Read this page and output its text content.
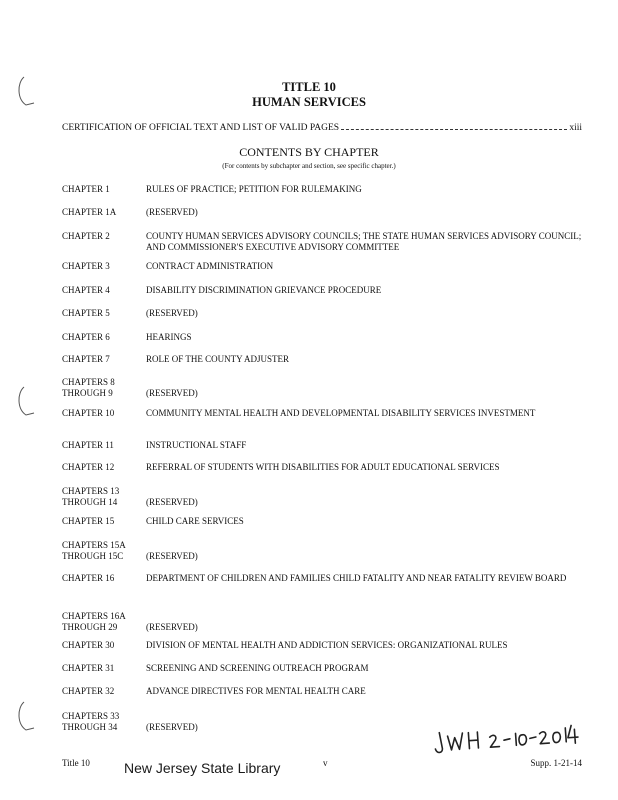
TITLE 10
HUMAN SERVICES
CERTIFICATION OF OFFICIAL TEXT AND LIST OF VALID PAGES	xiii
CONTENTS BY CHAPTER
(For contents by subchapter and section, see specific chapter.)
CHAPTER 1	RULES OF PRACTICE; PETITION FOR RULEMAKING
CHAPTER 1A	(RESERVED)
CHAPTER 2	COUNTY HUMAN SERVICES ADVISORY COUNCILS; THE STATE HUMAN SERVICES ADVISORY COUNCIL; AND COMMISSIONER'S EXECUTIVE ADVISORY COMMITTEE
CHAPTER 3	CONTRACT ADMINISTRATION
CHAPTER 4	DISABILITY DISCRIMINATION GRIEVANCE PROCEDURE
CHAPTER 5	(RESERVED)
CHAPTER 6	HEARINGS
CHAPTER 7	ROLE OF THE COUNTY ADJUSTER
CHAPTERS 8
THROUGH 9	(RESERVED)
CHAPTER 10	COMMUNITY MENTAL HEALTH AND DEVELOPMENTAL DISABILITY SERVICES INVESTMENT
CHAPTER 11	INSTRUCTIONAL STAFF
CHAPTER 12	REFERRAL OF STUDENTS WITH DISABILITIES FOR ADULT EDUCATIONAL SERVICES
CHAPTERS 13
THROUGH 14	(RESERVED)
CHAPTER 15	CHILD CARE SERVICES
CHAPTERS 15A
THROUGH 15C	(RESERVED)
CHAPTER 16	DEPARTMENT OF CHILDREN AND FAMILIES CHILD FATALITY AND NEAR FATALITY REVIEW BOARD
CHAPTERS 16A
THROUGH 29	(RESERVED)
CHAPTER 30	DIVISION OF MENTAL HEALTH AND ADDICTION SERVICES: ORGANIZATIONAL RULES
CHAPTER 31	SCREENING AND SCREENING OUTREACH PROGRAM
CHAPTER 32	ADVANCE DIRECTIVES FOR MENTAL HEALTH CARE
CHAPTERS 33
THROUGH 34	(RESERVED)
Title 10 New Jersey State Library	v	Supp. 1-21-14
